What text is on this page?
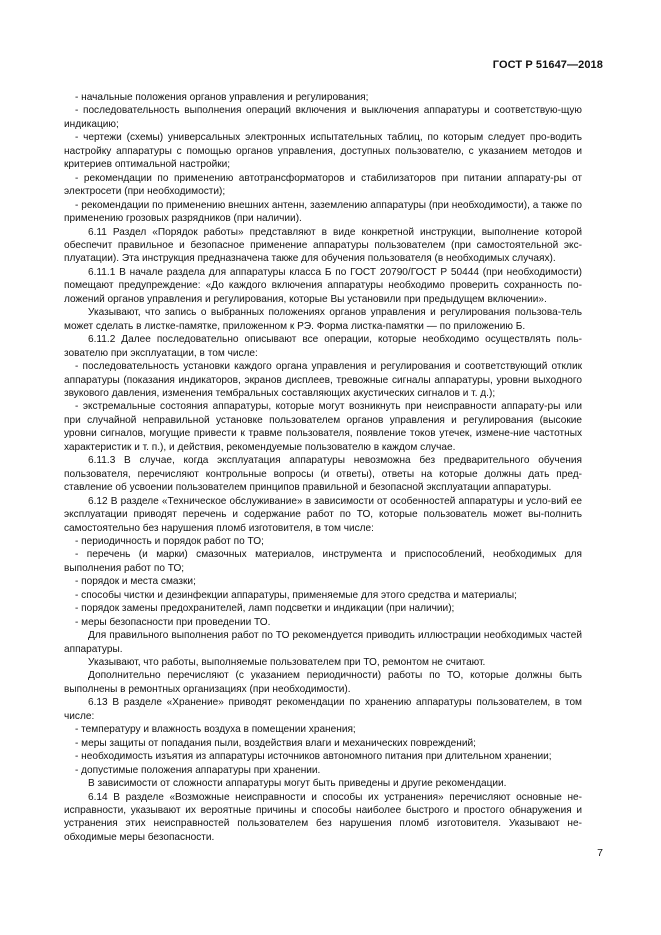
ГОСТ Р 51647—2018

- начальные положения органов управления и регулирования;

- последовательность выполнения операций включения и выключения аппаратуры и соответствую-щую индикацию;

- чертежи (схемы) универсальных электронных испытательных таблиц, по которым следует про-водить настройку аппаратуры с помощью органов управления, доступных пользователю, с указанием методов и критериев оптимальной настройки;

- рекомендации по применению автотрансформаторов и стабилизаторов при питании аппарату-ры от электросети (при необходимости);

- рекомендации по применению внешних антенн, заземлению аппаратуры (при необходимости), а также по применению грозовых разрядников (при наличии).

6.11 Раздел «Порядок работы» представляют в виде конкретной инструкции, выполнение которой обеспечит правильное и безопасное применение аппаратуры пользователем (при самостоятельной экс-плуатации). Эта инструкция предназначена также для обучения пользователя (в необходимых случаях).

6.11.1 В начале раздела для аппаратуры класса Б по ГОСТ 20790/ГОСТ Р 50444 (при необходимости) помещают предупреждение: «До каждого включения аппаратуры необходимо проверить сохранность по-ложений органов управления и регулирования, которые Вы установили при предыдущем включении».

Указывают, что запись о выбранных положениях органов управления и регулирования пользова-тель может сделать в листке-памятке, приложенном к РЭ. Форма листка-памятки — по приложению Б.

6.11.2 Далее последовательно описывают все операции, которые необходимо осуществлять поль-зователю при эксплуатации, в том числе:

- последовательность установки каждого органа управления и регулирования и соответствующий отклик аппаратуры (показания индикаторов, экранов дисплеев, тревожные сигналы аппаратуры, уровни выходного звукового давления, изменения тембральных составляющих акустических сигналов и т. д.);

- экстремальные состояния аппаратуры, которые могут возникнуть при неисправности аппарату-ры или при случайной неправильной установке пользователем органов управления и регулирования (высокие уровни сигналов, могущие привести к травме пользователя, появление токов утечек, измене-ние частотных характеристик и т. п.), и действия, рекомендуемые пользователю в каждом случае.

6.11.3 В случае, когда эксплуатация аппаратуры невозможна без предварительного обучения пользователя, перечисляют контрольные вопросы (и ответы), ответы на которые должны дать пред-ставление об усвоении пользователем принципов правильной и безопасной эксплуатации аппаратуры.

6.12 В разделе «Техническое обслуживание» в зависимости от особенностей аппаратуры и усло-вий ее эксплуатации приводят перечень и содержание работ по ТО, которые пользователь может вы-полнить самостоятельно без нарушения пломб изготовителя, в том числе:

- периодичность и порядок работ по ТО;

- перечень (и марки) смазочных материалов, инструмента и приспособлений, необходимых для выполнения работ по ТО;

- порядок и места смазки;

- способы чистки и дезинфекции аппаратуры, применяемые для этого средства и материалы;

- порядок замены предохранителей, ламп подсветки и индикации (при наличии);

- меры безопасности при проведении ТО.

Для правильного выполнения работ по ТО рекомендуется приводить иллюстрации необходимых частей аппаратуры.

Указывают, что работы, выполняемые пользователем при ТО, ремонтом не считают.

Дополнительно перечисляют (с указанием периодичности) работы по ТО, которые должны быть выполнены в ремонтных организациях (при необходимости).

6.13 В разделе «Хранение» приводят рекомендации по хранению аппаратуры пользователем, в том числе:

- температуру и влажность воздуха в помещении хранения;

- меры защиты от попадания пыли, воздействия влаги и механических повреждений;

- необходимость изъятия из аппаратуры источников автономного питания при длительном хранении;

- допустимые положения аппаратуры при хранении.

В зависимости от сложности аппаратуры могут быть приведены и другие рекомендации.

6.14 В разделе «Возможные неисправности и способы их устранения» перечисляют основные не-исправности, указывают их вероятные причины и способы наиболее быстрого и простого обнаружения и устранения этих неисправностей пользователем без нарушения пломб изготовителя. Указывают не-обходимые меры безопасности.

7
